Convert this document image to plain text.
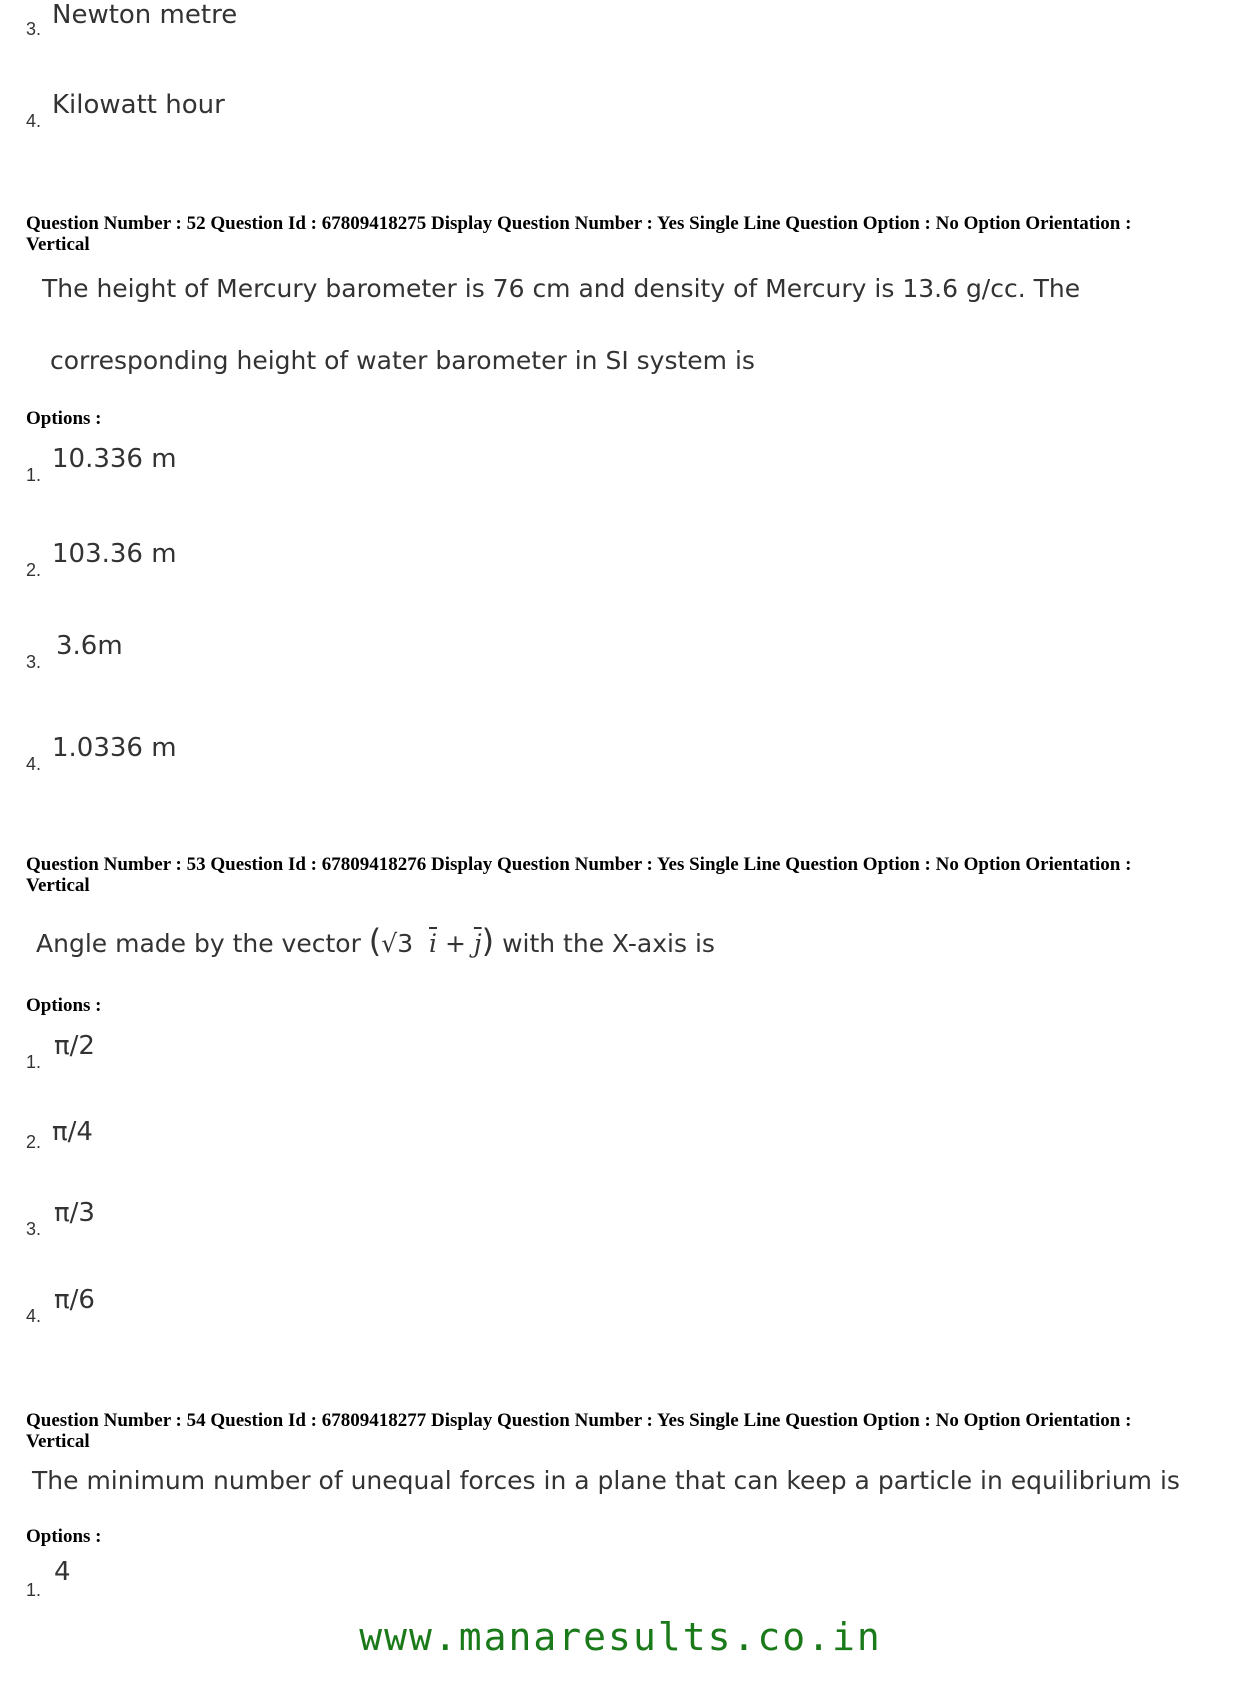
3. Newton metre
4.
Kilowatt hour
Question Number : 52 Question Id : 67809418275 Display Question Number : Yes Single Line Question Option : No Option Orientation : Vertical
The height of Mercury barometer is 76 cm and density of Mercury is 13.6 g/cc. The
corresponding height of water barometer in SI system is
Options :
1.
10.336 m
2.
103.36 m
3.
3.6m
4.
1.0336 m
Question Number : 53 Question Id : 67809418276 Display Question Number : Yes Single Line Question Option : No Option Orientation : Vertical
Angle made by the vector (√3 $\overline{i} + \overline{j}$) with the X-axis is
Options :
1.
π/2
2. π/4
3.
π/3
4.
π/6
Question Number : 54 Question Id : 67809418277 Display Question Number : Yes Single Line Question Option : No Option Orientation : Vertical
The minimum number of unequal forces in a plane that can keep a particle in equilibrium is
Options :
1.
4
www.manaresults.co.in
